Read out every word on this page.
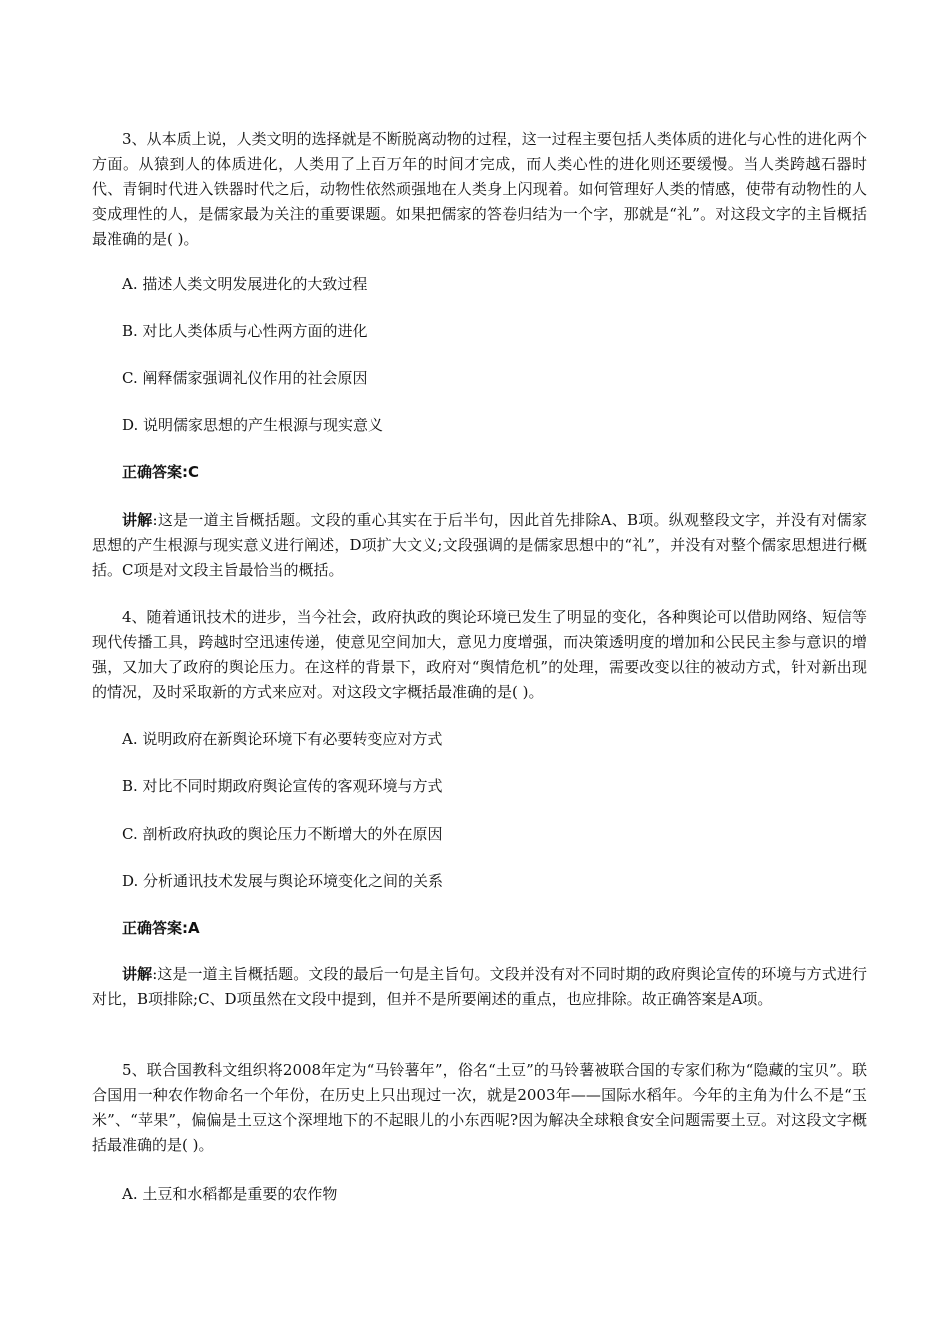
3、从本质上说，人类文明的选择就是不断脱离动物的过程，这一过程主要包括人类体质的进化与心性的进化两个方面。从猿到人的体质进化，人类用了上百万年的时间才完成，而人类心性的进化则还要缓慢。当人类跨越石器时代、青铜时代进入铁器时代之后，动物性依然顽强地在人类身上闪现着。如何管理好人类的情感，使带有动物性的人变成理性的人，是儒家最为关注的重要课题。如果把儒家的答卷归结为一个字，那就是“礼”。对这段文字的主旨概括最准确的是( )。

A. 描述人类文明发展进化的大致过程
B. 对比人类体质与心性两方面的进化
C. 阐释儒家强调礼仪作用的社会原因
D. 说明儒家思想的产生根源与现实意义
正确答案:C

讲解:这是一道主旨概括题。文段的重心其实在于后半句，因此首先排除A、B项。纵观整段文字，并没有对儒家思想的产生根源与现实意义进行阐述，D项扩大文义;文段强调的是儒家思想中的“礼”，并没有对整个儒家思想进行概括。C项是对文段主旨最恰当的概括。

4、随着通讯技术的进步，当今社会，政府执政的舆论环境已发生了明显的变化，各种舆论可以借助网络、短信等现代传播工具，跨越时空迅速传递，使意见空间加大，意见力度增强，而决策透明度的增加和公民民主参与意识的增强，又加大了政府的舆论压力。在这样的背景下，政府对“舆情危机”的处理，需要改变以往的被动方式，针对新出现的情况，及时采取新的方式来应对。对这段文字概括最准确的是( )。

A. 说明政府在新舆论环境下有必要转变应对方式
B. 对比不同时期政府舆论宣传的客观环境与方式
C. 剖析政府执政的舆论压力不断增大的外在原因
D. 分析通讯技术发展与舆论环境变化之间的关系
正确答案:A

讲解:这是一道主旨概括题。文段的最后一句是主旨句。文段并没有对不同时期的政府舆论宣传的环境与方式进行对比，B项排除;C、D项虽然在文段中提到，但并不是所要阐述的重点，也应排除。故正确答案是A项。

5、联合国教科文组织将2008年定为“马铃薯年”，俗名“土豆”的马铃薯被联合国的专家们称为“隐藏的宝贝”。联合国用一种农作物命名一个年份，在历史上只出现过一次，就是2003年——国际水稻年。今年的主角为什么不是“玉米”、“苹果”，偏偏是土豆这个深埋地下的不起眼儿的小东西呢?因为解决全球粮食安全问题需要土豆。对这段文字概括最准确的是( )。

A. 土豆和水稻都是重要的农作物
